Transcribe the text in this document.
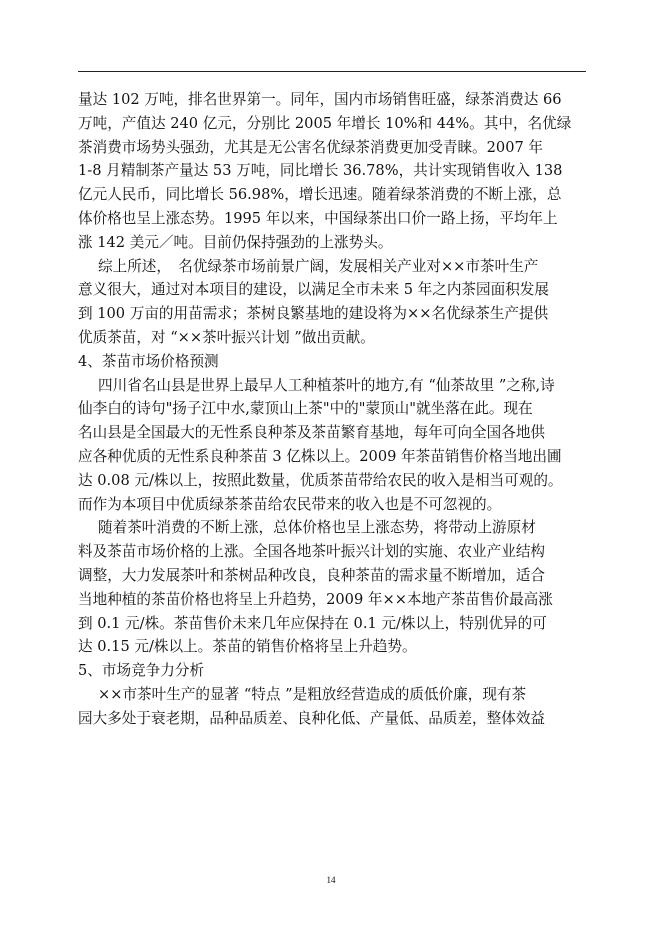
量达 102 万吨，排名世界第一。同年，国内市场销售旺盛，绿茶消费达 66
万吨，产值达 240 亿元，分别比 2005 年增长 10%和 44%。其中，名优绿
茶消费市场势头强劲，尤其是无公害名优绿茶消费更加受青睐。2007 年
1-8 月精制茶产量达 53 万吨，同比增长 36.78%，共计实现销售收入 138
亿元人民币，同比增长 56.98%，增长迅速。随着绿茶消费的不断上涨，总
体价格也呈上涨态势。1995 年以来，中国绿茶出口价一路上扬，平均年上
涨 142 美元／吨。目前仍保持强劲的上涨势头。
综上所述，　名优绿茶市场前景广阔，发展相关产业对××市茶叶生产
意义很大，通过对本项目的建设，以满足全市未来 5 年之内茶园面积发展
到 100 万亩的用苗需求；茶树良繁基地的建设将为××名优绿茶生产提供
优质茶苗，对 “××茶叶振兴计划 ”做出贡献。
4、茶苗市场价格预测
四川省名山县是世界上最早人工种植茶叶的地方,有 “仙茶故里 ”之称,诗
仙李白的诗句"扬子江中水,蒙顶山上茶"中的"蒙顶山"就坐落在此。现在
名山县是全国最大的无性系良种茶及茶苗繁育基地，每年可向全国各地供
应各种优质的无性系良种茶苗 3 亿株以上。2009 年茶苗销售价格当地出圃
达 0.08 元/株以上，按照此数量，优质茶苗带给农民的收入是相当可观的。
而作为本项目中优质绿茶茶苗给农民带来的收入也是不可忽视的。
随着茶叶消费的不断上涨，总体价格也呈上涨态势，将带动上游原材
料及茶苗市场价格的上涨。全国各地茶叶振兴计划的实施、农业产业结构
调整，大力发展茶叶和茶树品种改良，良种茶苗的需求量不断增加，适合
当地种植的茶苗价格也将呈上升趋势，2009 年××本地产茶苗售价最高涨
到 0.1 元/株。茶苗售价未来几年应保持在 0.1 元/株以上，特别优异的可
达 0.15 元/株以上。茶苗的销售价格将呈上升趋势。
5、市场竞争力分析
××市茶叶生产的显著 “特点 ”是粗放经营造成的质低价廉，现有茶
园大多处于衰老期，品种品质差、良种化低、产量低、品质差，整体效益
14
